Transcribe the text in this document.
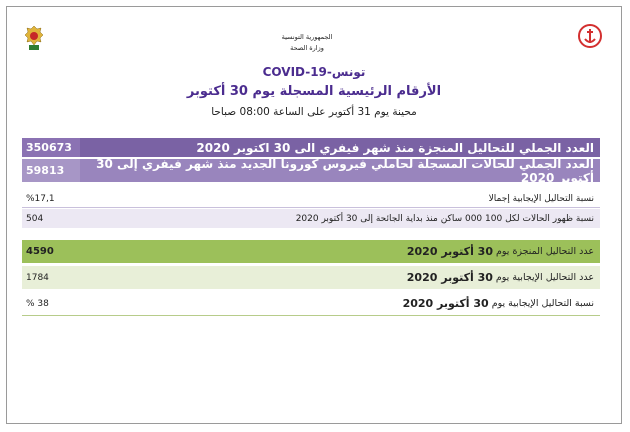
الجمهورية التونسية
وزارة الصحة
COVID-19-تونس
الأرقام الرئيسية المسجلة يوم 30 أكتوبر
محينة يوم 31 أكتوبر على الساعة 08:00 صباحا
350673	العدد الجملي للتحاليل المنجزة منذ شهر فيفري الى 30 اكتوبر 2020
59813	العدد الجملي للحالات المسجلة لحاملي فيروس كورونا الجديد منذ شهر فيفري إلى 30 أكتوبر 2020
%17,1	نسبة التحاليل الإيجابية إجمالا
504	نسبة ظهور الحالات لكل 100 000 ساكن منذ بداية الجائحة إلى 30 أكتوبر 2020
4590	عدد التحاليل المنجزة يوم
30 أكتوبر 2020
1784	عدد التحاليل الإيجابية يوم
30 أكتوبر 2020
% 38	نسبة التحاليل الإيجابية يوم
30 أكتوبر 2020
